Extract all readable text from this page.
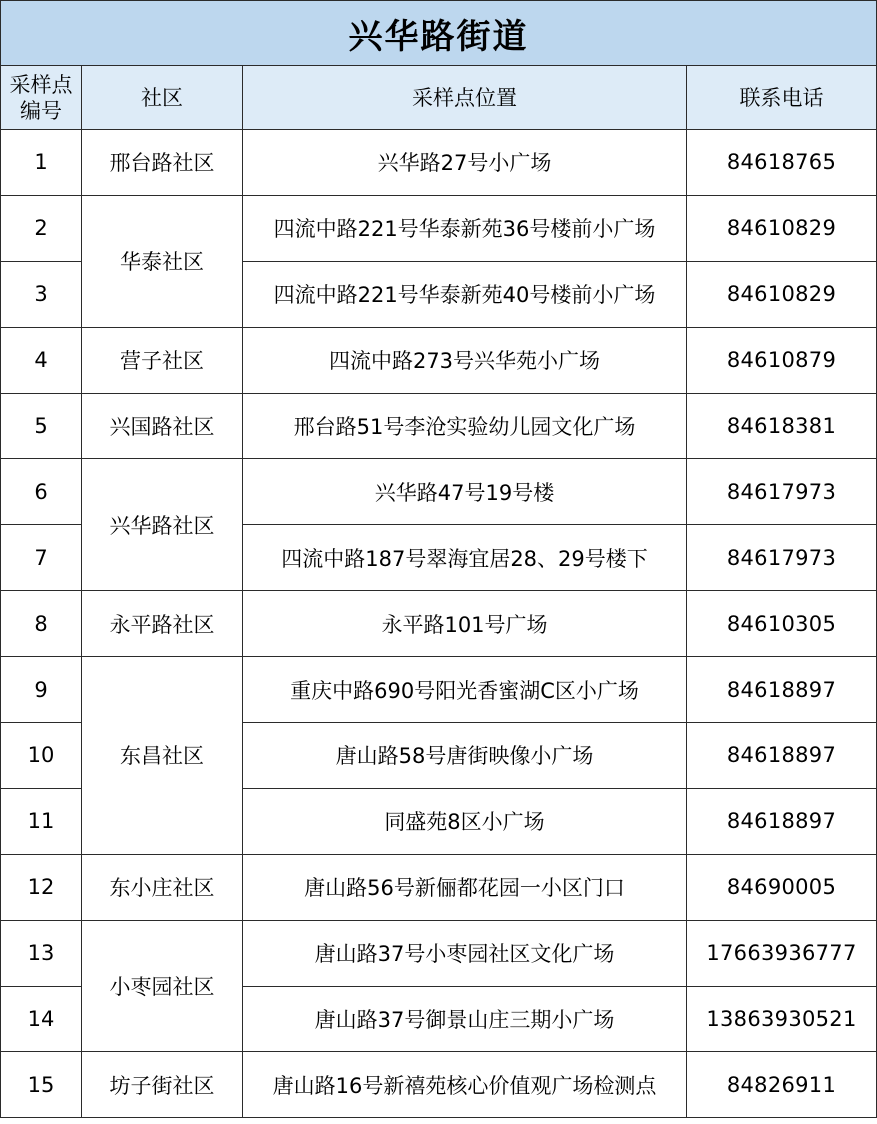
兴华路街道			
采样点
编号	社区	采样点位置	联系电话
1	邢台路社区	兴华路27号小广场	84618765
2	华泰社区	四流中路221号华泰新苑36号楼前小广场	84610829
3		四流中路221号华泰新苑40号楼前小广场	84610829
4	营子社区	四流中路273号兴华苑小广场	84610879
5	兴国路社区	邢台路51号李沧实验幼儿园文化广场	84618381
6	兴华路社区	兴华路47号19号楼	84617973
7		四流中路187号翠海宜居28、29号楼下	84617973
8	永平路社区	永平路101号广场	84610305
9	东昌社区	重庆中路690号阳光香蜜湖C区小广场	84618897
10		唐山路58号唐街映像小广场	84618897
11		同盛苑8区小广场	84618897
12	东小庄社区	唐山路56号新俪都花园一小区门口	84690005
13	小枣园社区	唐山路37号小枣园社区文化广场	17663936777
14		唐山路37号御景山庄三期小广场	13863930521
15	坊子街社区	唐山路16号新禧苑核心价值观广场检测点	84826911
